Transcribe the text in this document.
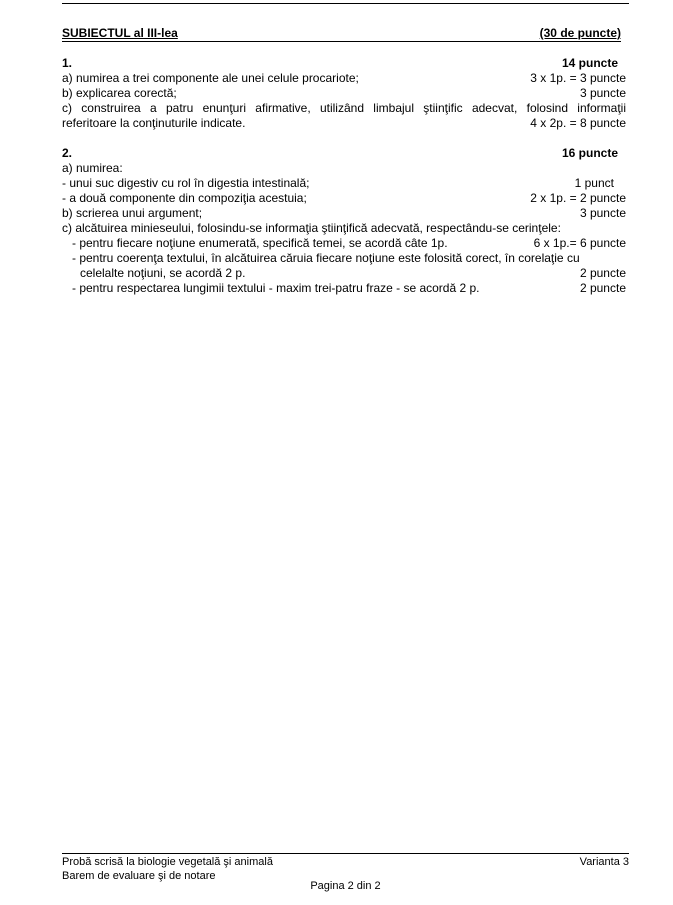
SUBIECTUL al III-lea	(30 de puncte)
1.	14 puncte
a) numirea a trei componente ale unei celule procariote;	3 x 1p. = 3 puncte
b) explicarea corectă;	3 puncte
c) construirea a patru enunţuri afirmative, utilizând limbajul ştiinţific adecvat, folosind informaţii
referitoare la conţinuturile indicate.	4 x 2p. = 8 puncte
2.	16 puncte
a) numirea:
- unui suc digestiv cu rol în digestia intestinală;	1 punct
- a două componente din compoziţia acestuia;	2 x 1p. = 2 puncte
b) scrierea unui argument;	3 puncte
c) alcătuirea minieseului, folosindu-se informaţia ştiinţifică adecvată, respectându-se cerinţele:
- pentru fiecare noţiune enumerată, specifică temei, se acordă câte 1p.	6 x 1p.= 6 puncte
- pentru coerenţa textului, în alcătuirea căruia fiecare noţiune este folosită corect, în corelaţie cu
celelalte noţiuni, se acordă 2 p.	2 puncte
- pentru respectarea lungimii textului - maxim trei-patru fraze - se acordă 2 p.	2 puncte
Probă scrisă la biologie vegetală şi animală	Varianta 3
Barem de evaluare şi de notare
Pagina 2 din 2
